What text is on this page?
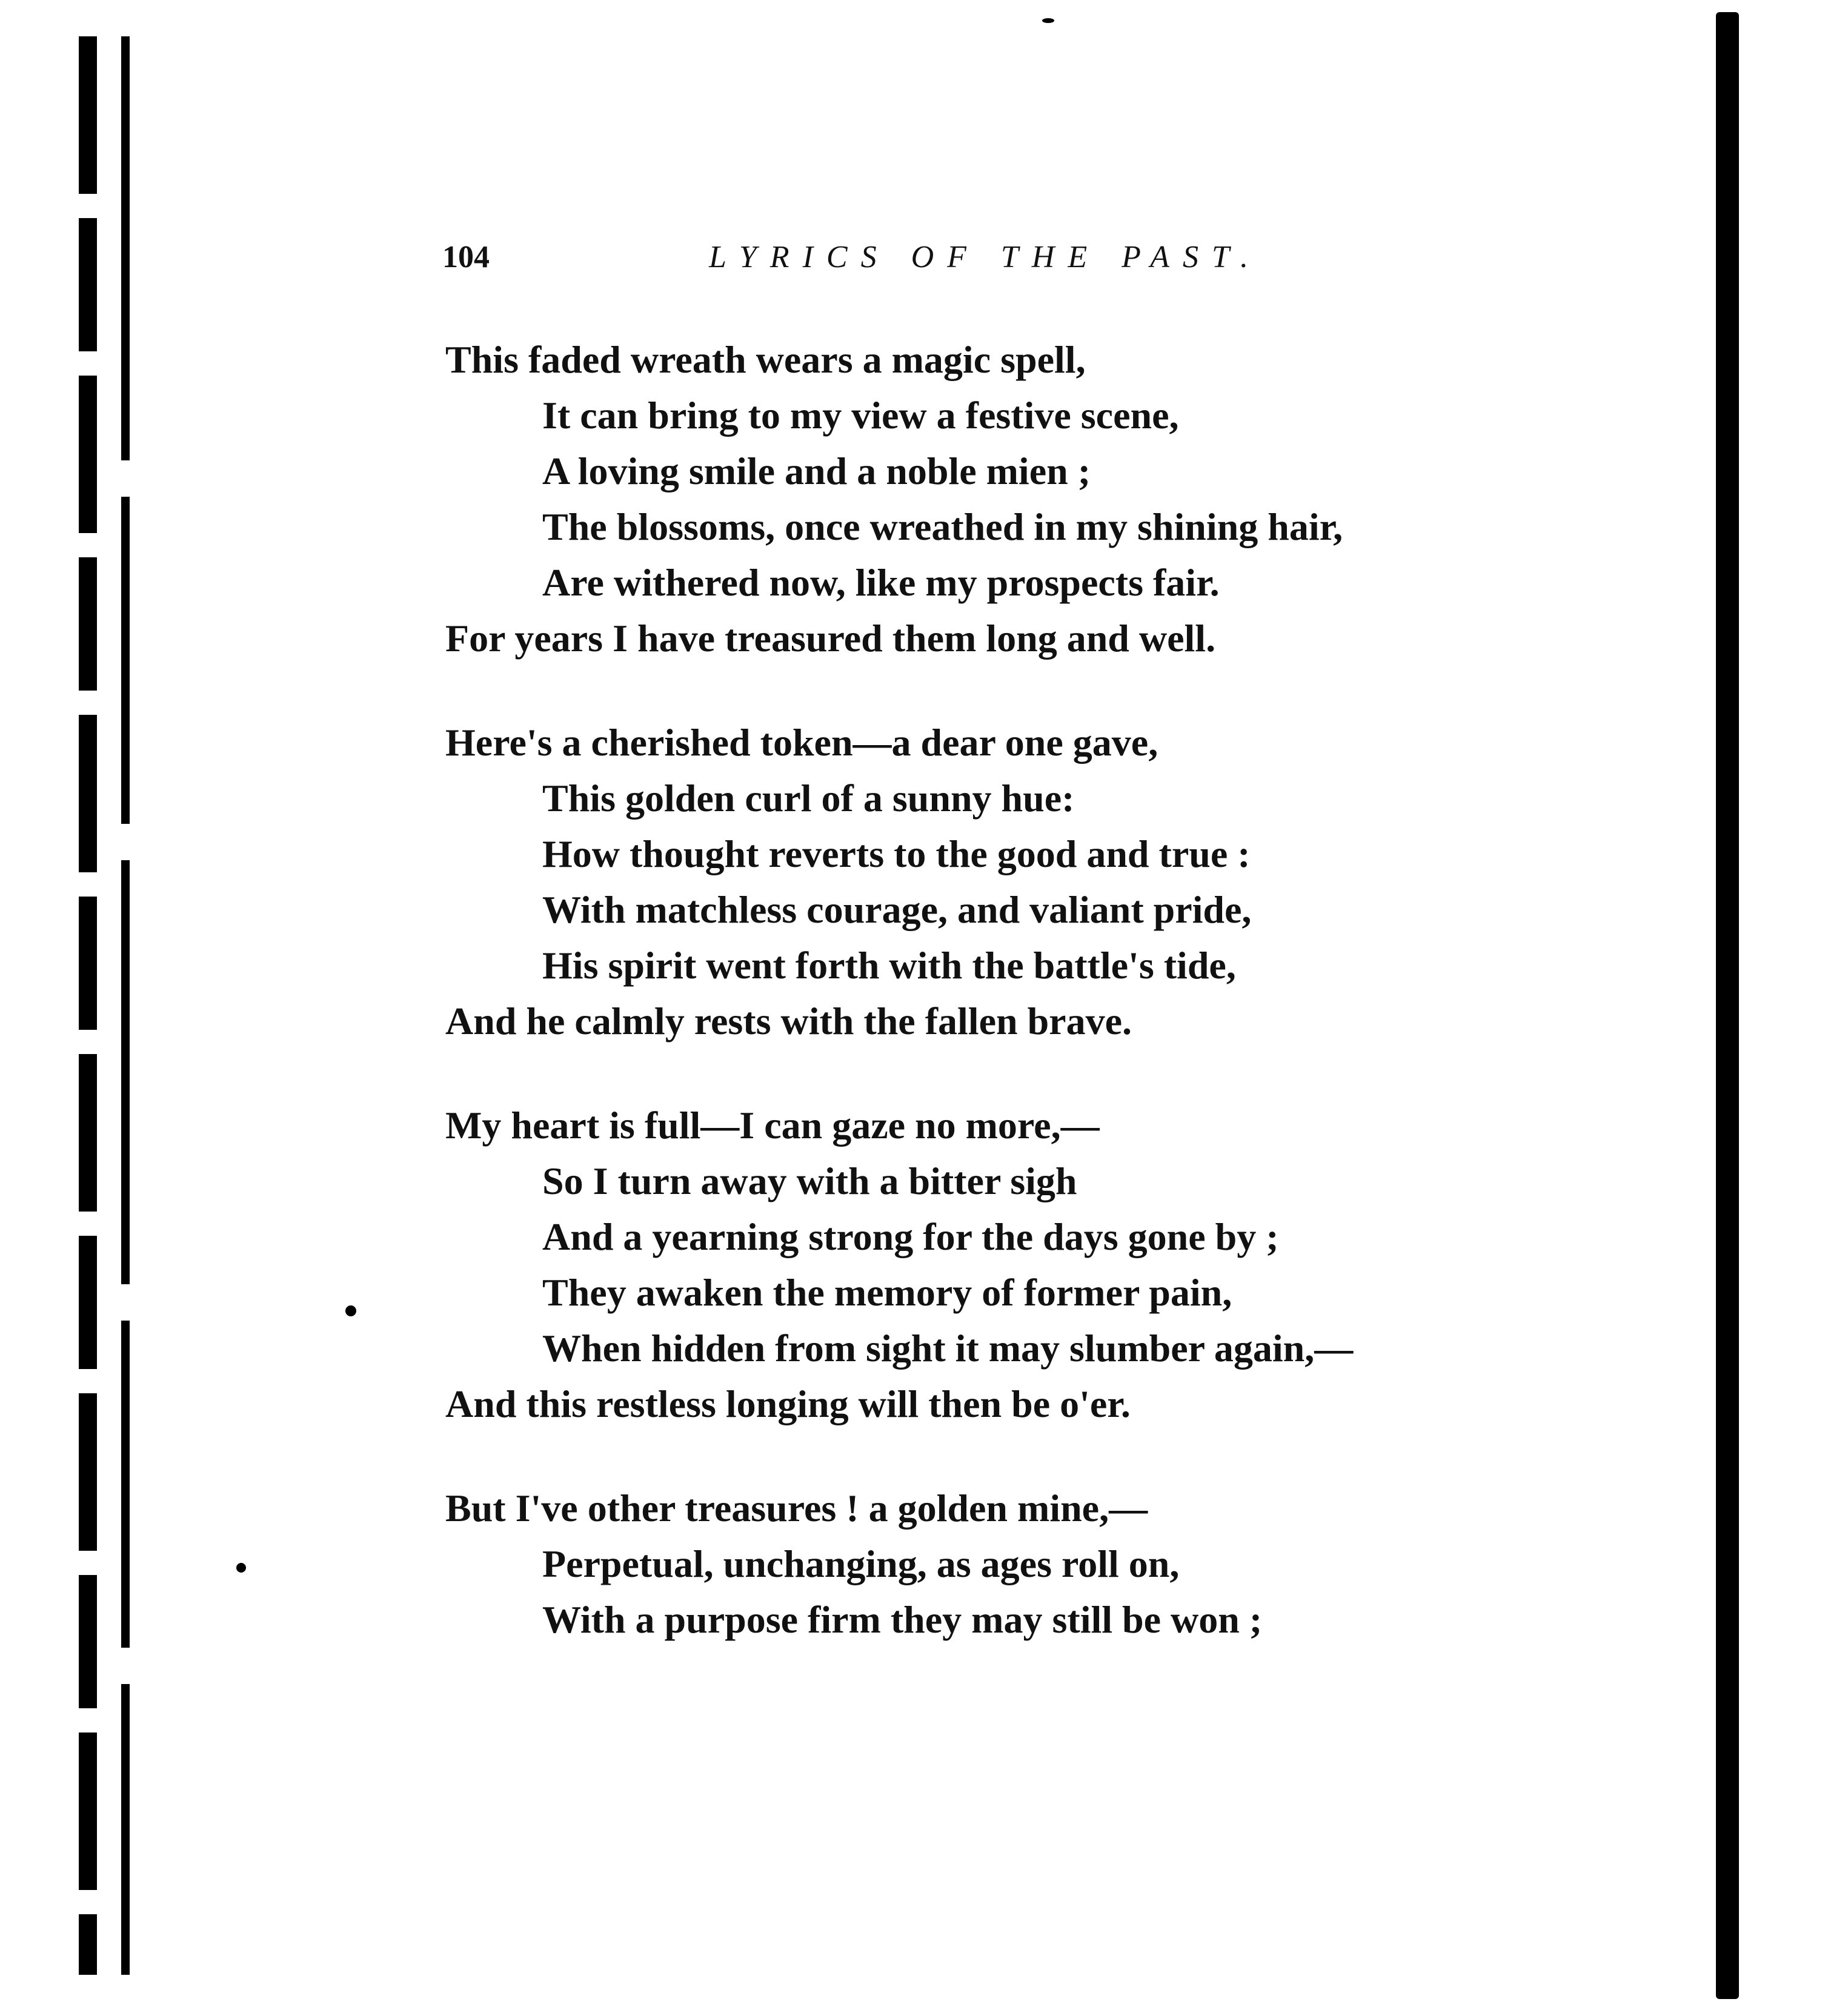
104	LYRICS OF THE PAST.
This faded wreath wears a magic spell,
It can bring to my view a festive scene,
A loving smile and a noble mien ;
The blossoms, once wreathed in my shining hair,
Are withered now, like my prospects fair.
For years I have treasured them long and well.
Here's a cherished token—a dear one gave,
This golden curl of a sunny hue:
How thought reverts to the good and true :
With matchless courage, and valiant pride,
His spirit went forth with the battle's tide,
And he calmly rests with the fallen brave.
My heart is full—I can gaze no more,—
So I turn away with a bitter sigh
And a yearning strong for the days gone by ;
They awaken the memory of former pain,
When hidden from sight it may slumber again,—
And this restless longing will then be o'er.
But I've other treasures ! a golden mine,—
Perpetual, unchanging, as ages roll on,
With a purpose firm they may still be won ;
